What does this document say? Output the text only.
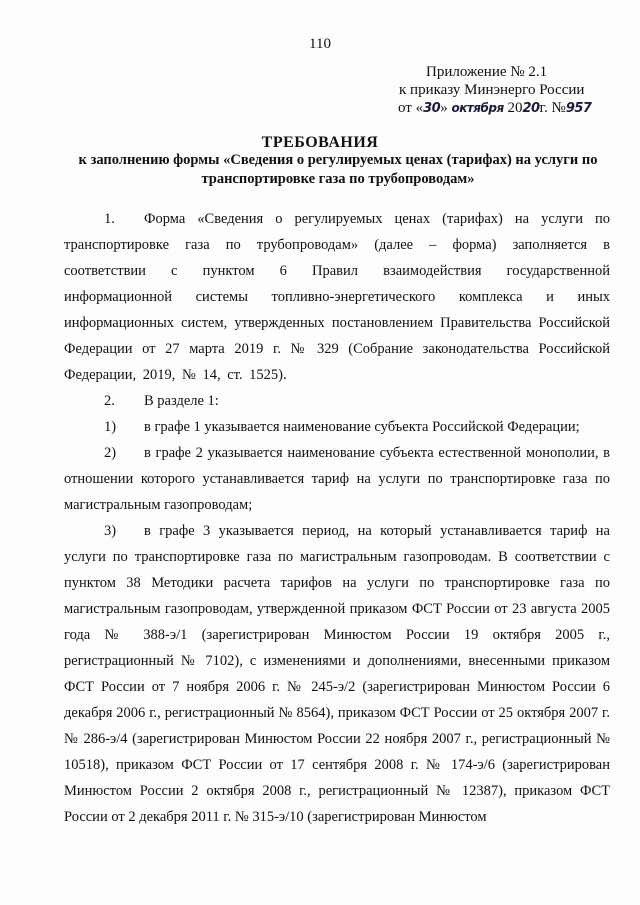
110
Приложение № 2.1
к приказу Минэнерго России
от «30» октября 2020г. №957
ТРЕБОВАНИЯ
к заполнению формы «Сведения о регулируемых ценах (тарифах) на услуги по транспортировке газа по трубопроводам»

1. Форма «Сведения о регулируемых ценах (тарифах) на услуги по транспортировке газа по трубопроводам» (далее – форма) заполняется в соответствии с пунктом 6 Правил взаимодействия государственной информационной системы топливно-энергетического комплекса и иных информационных систем, утвержденных постановлением Правительства Российской Федерации от 27 марта 2019 г. № 329 (Собрание законодательства Российской Федерации, 2019, № 14, ст. 1525).

2. В разделе 1:

1) в графе 1 указывается наименование субъекта Российской Федерации;

2) в графе 2 указывается наименование субъекта естественной монополии, в отношении которого устанавливается тариф на услуги по транспортировке газа по магистральным газопроводам;

3) в графе 3 указывается период, на который устанавливается тариф на услуги по транспортировке газа по магистральным газопроводам. В соответствии с пунктом 38 Методики расчета тарифов на услуги по транспортировке газа по магистральным газопроводам, утвержденной приказом ФСТ России от 23 августа 2005 года № 388-э/1 (зарегистрирован Минюстом России 19 октября 2005 г., регистрационный № 7102), с изменениями и дополнениями, внесенными приказом ФСТ России от 7 ноября 2006 г. № 245-э/2 (зарегистрирован Минюстом России 6 декабря 2006 г., регистрационный № 8564), приказом ФСТ России от 25 октября 2007 г. № 286-э/4 (зарегистрирован Минюстом России 22 ноября 2007 г., регистрационный № 10518), приказом ФСТ России от 17 сентября 2008 г. № 174-э/6 (зарегистрирован Минюстом России 2 октября 2008 г., регистрационный № 12387), приказом ФСТ России от 2 декабря 2011 г. № 315-э/10 (зарегистрирован Минюстом
